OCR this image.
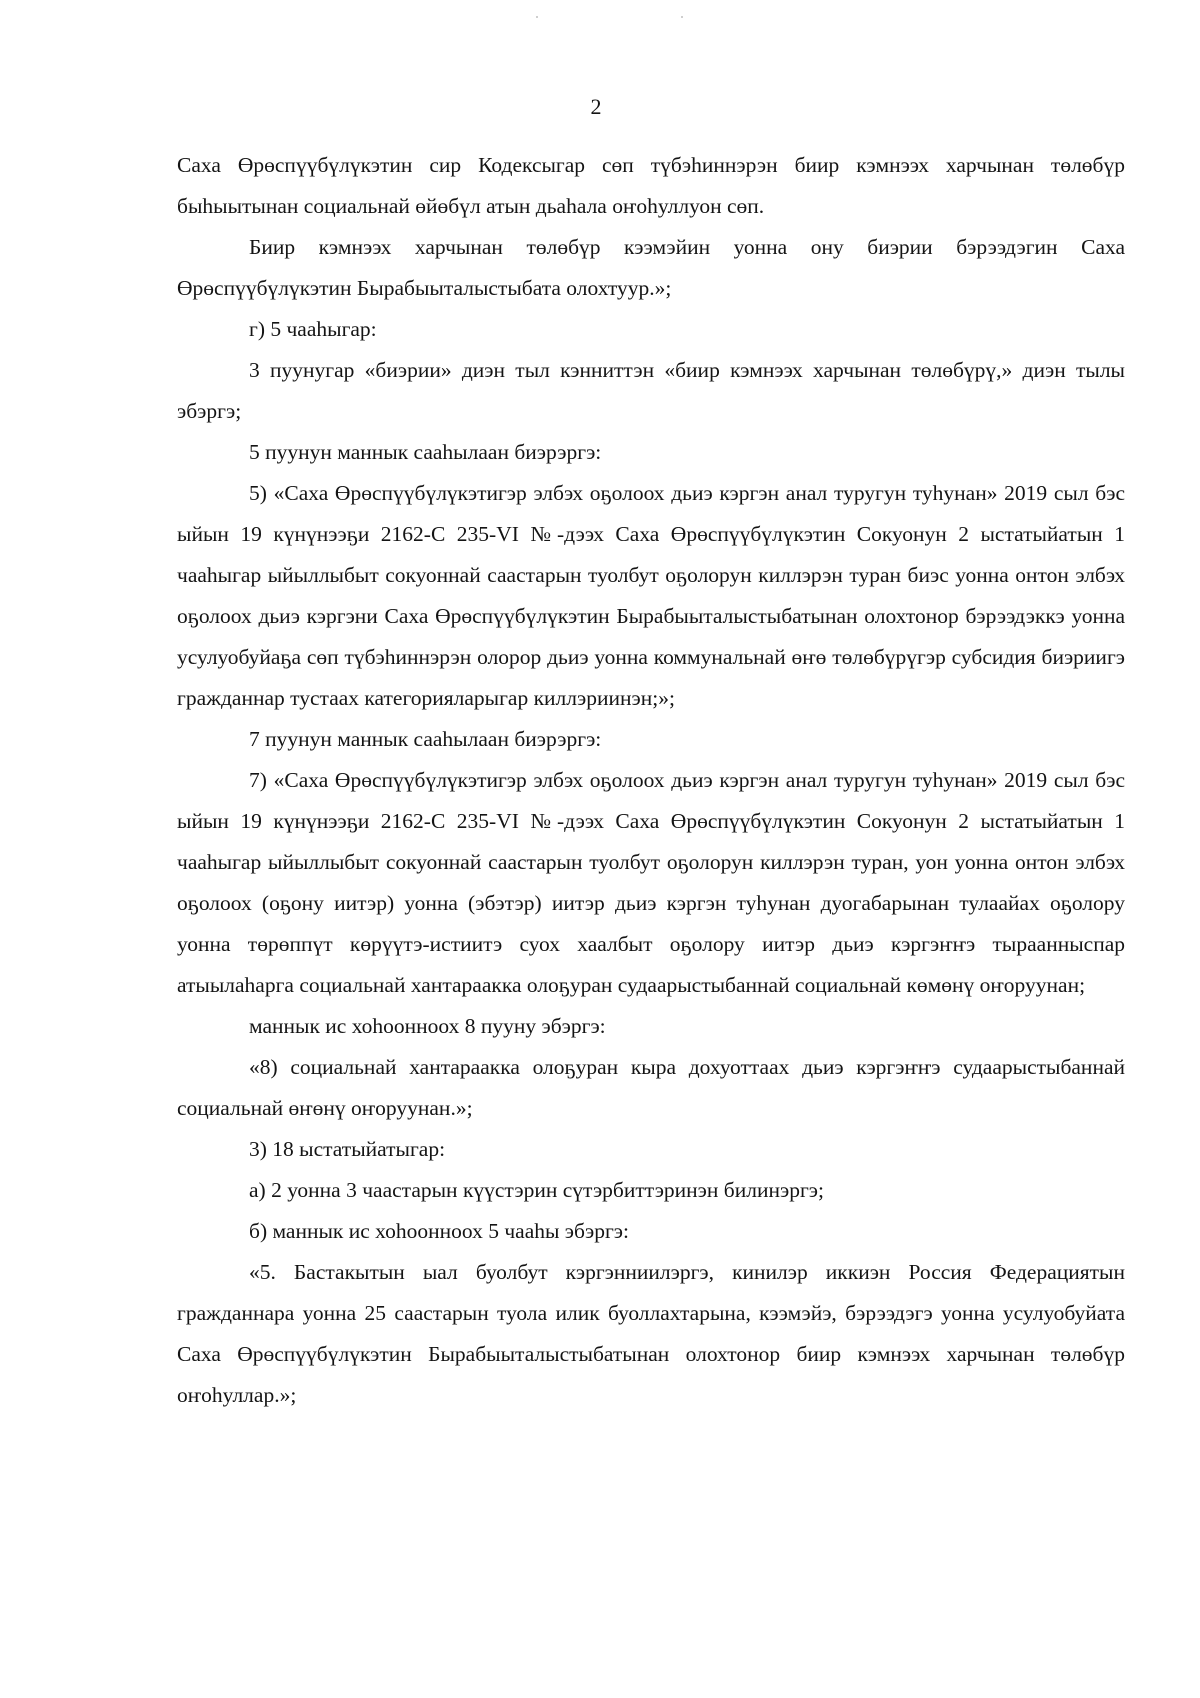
2

Саха Өрөспүүбүлүкэтин сир Кодексыгар сөп түбэһиннэрэн биир кэмнээх харчынан төлөбүр быһыытынан социальнай өйөбүл атын дьаһала оҥоһуллуон сөп.

Биир кэмнээх харчынан төлөбүр кээмэйин уонна ону биэрии бэрээдэгин Саха Өрөспүүбүлүкэтин Бырабыыталыстыбата олохтуур.»;

г) 5 чааһыгар:

3 пуунугар «биэрии» диэн тыл кэнниттэн «биир кэмнээх харчынан төлөбүрү,» диэн тылы эбэргэ;

5 пуунун маннык сааһылаан биэрэргэ:

5) «Саха Өрөспүүбүлүкэтигэр элбэх оҕолоох дьиэ кэргэн анал туругун туһунан» 2019 сыл бэс ыйын 19 күнүнээҕи 2162-С 235-VI №-дээх Саха Өрөспүүбүлүкэтин Сокуонун 2 ыстатыйатын 1 чааһыгар ыйыллыбыт сокуоннай саастарын туолбут оҕолорун киллэрэн туран биэс уонна онтон элбэх оҕолоох дьиэ кэргэни Саха Өрөспүүбүлүкэтин Бырабыыталыстыбатынан олохтонор бэрээдэккэ уонна усулуобуйаҕа сөп түбэһиннэрэн олорор дьиэ уонна коммунальнай өҥө төлөбүрүгэр субсидия биэриигэ гражданнар тустаах категорияларыгар киллэриинэн;»;

7 пуунун маннык сааһылаан биэрэргэ:

7) «Саха Өрөспүүбүлүкэтигэр элбэх оҕолоох дьиэ кэргэн анал туругун туһунан» 2019 сыл бэс ыйын 19 күнүнээҕи 2162-С 235-VI №-дээх Саха Өрөспүүбүлүкэтин Сокуонун 2 ыстатыйатын 1 чааһыгар ыйыллыбыт сокуоннай саастарын туолбут оҕолорун киллэрэн туран, уон уонна онтон элбэх оҕолоох (оҕону иитэр) уонна (эбэтэр) иитэр дьиэ кэргэн туһунан дуогабарынан тулаайах оҕолору уонна төрөппүт көрүүтэ-истиитэ суох хаалбыт оҕолору иитэр дьиэ кэргэҥҥэ тыраанныспар атыылаһарга социальнай хантараакка олоҕуран судаарыстыбаннай социальнай көмөнү оҥоруунан;

маннык ис хоһоонноох 8 пууну эбэргэ:

«8) социальнай хантараакка олоҕуран кыра дохуоттаах дьиэ кэргэҥҥэ судаарыстыбаннай социальнай өҥөнү оҥоруунан.»;

3) 18 ыстатыйатыгар:

а) 2 уонна 3 чаастарын күүстэрин сүтэрбиттэринэн билинэргэ;

б) маннык ис хоһоонноох 5 чааһы эбэргэ:

«5. Бастакытын ыал буолбут кэргэнниилэргэ, кинилэр иккиэн Россия Федерациятын гражданнара уонна 25 саастарын туола илик буоллахтарына, кээмэйэ, бэрээдэгэ уонна усулуобуйата Саха Өрөспүүбүлүкэтин Бырабыыталыстыбатынан олохтонор биир кэмнээх харчынан төлөбүр оҥоһуллар.»;
